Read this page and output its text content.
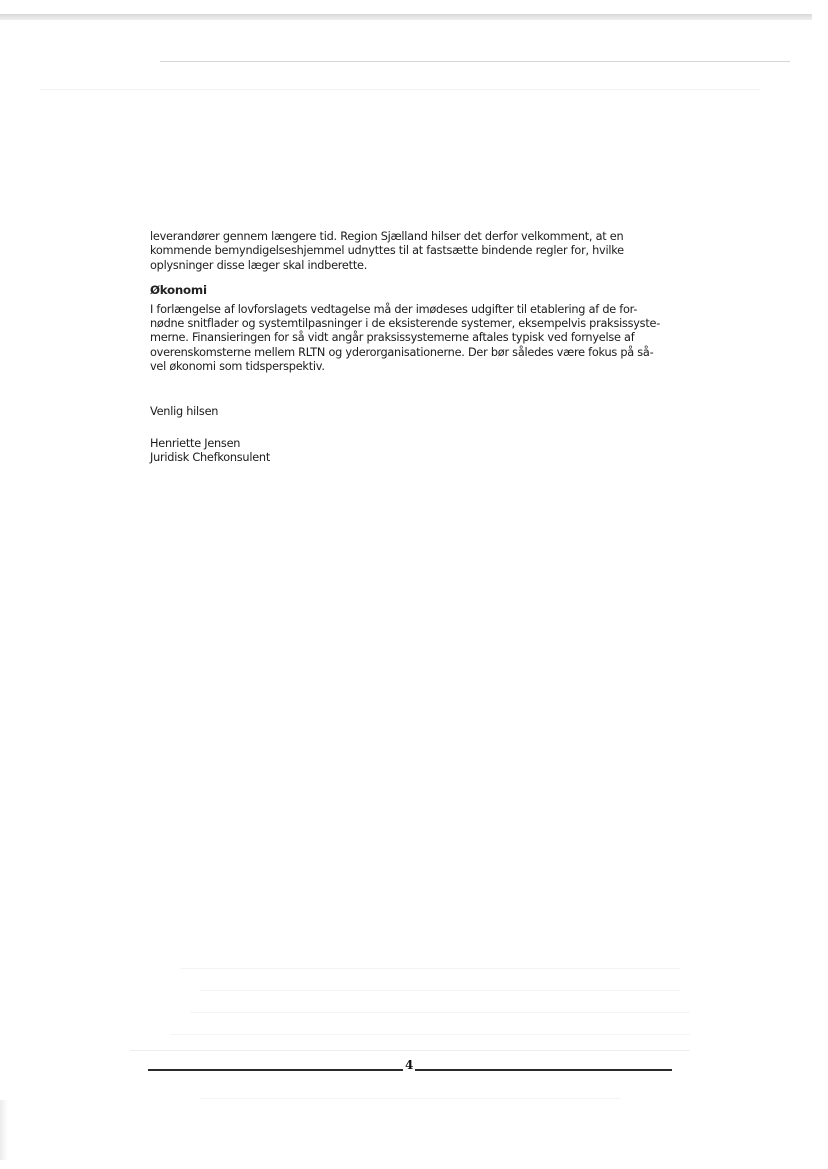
leverandører gennem længere tid. Region Sjælland hilser det derfor velkomment, at en
kommende bemyndigelseshjemmel udnyttes til at fastsætte bindende regler for, hvilke
oplysninger disse læger skal indberette.
Økonomi
I forlængelse af lovforslagets vedtagelse må der imødeses udgifter til etablering af de for-
nødne snitflader og systemtilpasninger i de eksisterende systemer, eksempelvis praksissyste-
merne. Finansieringen for så vidt angår praksissystemerne aftales typisk ved fornyelse af
overenskomsterne mellem RLTN og yderorganisationerne. Der bør således være fokus på så-
vel økonomi som tidsperspektiv.
Venlig hilsen
Henriette Jensen
Juridisk Chefkonsulent
4
